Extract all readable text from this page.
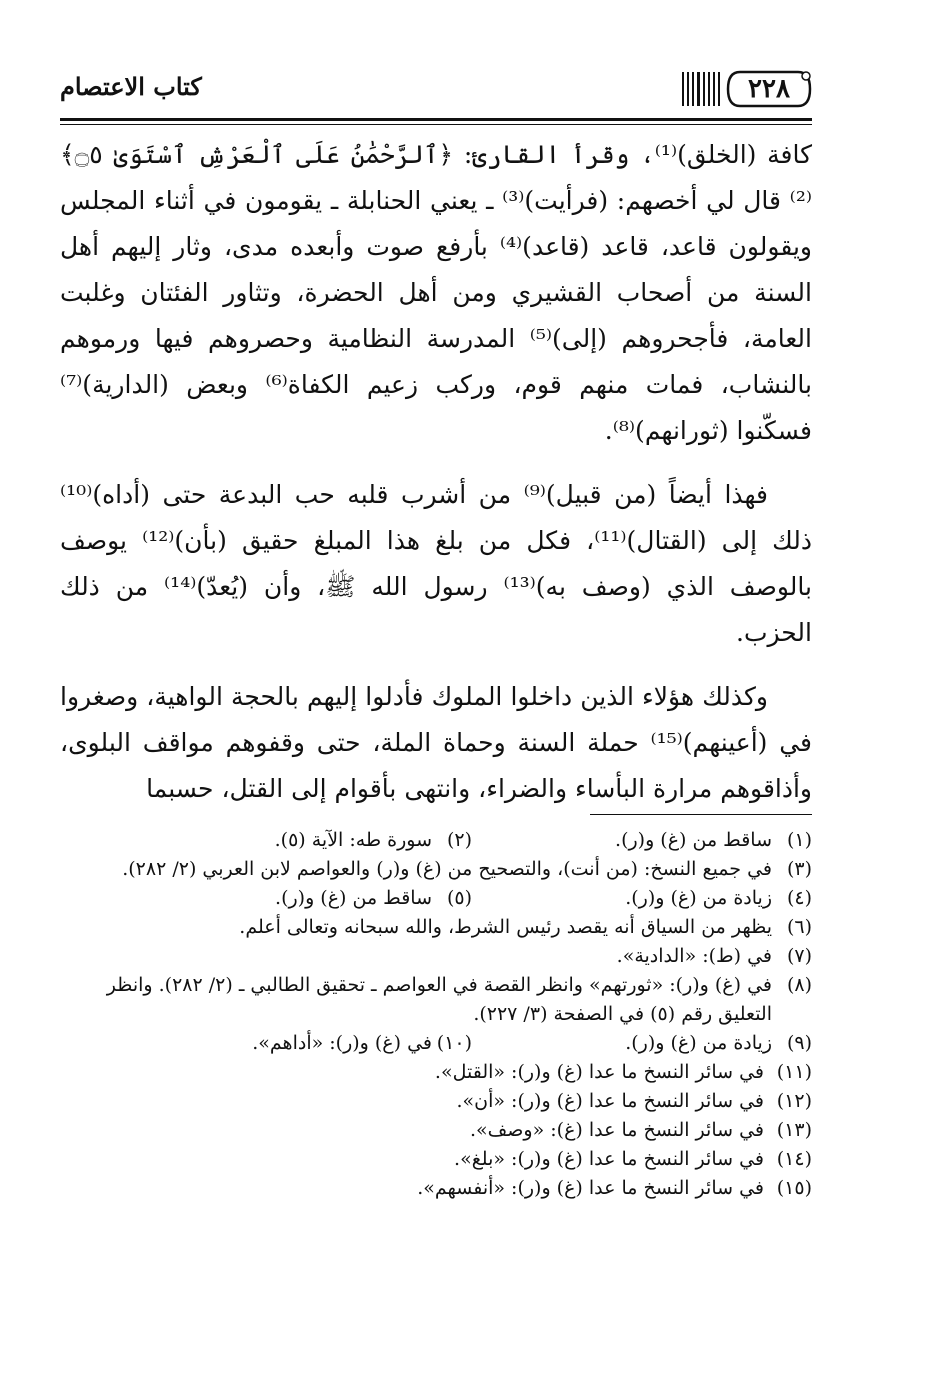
٢٢٨
كتاب الاعتصام

كافة (الخلق)⁽¹⁾، وقرأ القارئ: ﴿ٱلرَّحْمَٰنُ عَلَى ٱلْعَرْشِ ٱسْتَوَىٰ ۝٥﴾⁽²⁾ قال لي أخصهم: (فرأيت)⁽³⁾ ـ يعني الحنابلة ـ يقومون في أثناء المجلس ويقولون قاعد، قاعد (قاعد)⁽⁴⁾ بأرفع صوت وأبعده مدى، وثار إليهم أهل السنة من أصحاب القشيري ومن أهل الحضرة، وتثاور الفئتان وغلبت العامة، فأجحروهم (إلى)⁽⁵⁾ المدرسة النظامية وحصروهم فيها ورموهم بالنشاب، فمات منهم قوم، وركب زعيم الكفاة⁽⁶⁾ وبعض (الدارية)⁽⁷⁾ فسكّنوا (ثورانهم)⁽⁸⁾.

فهذا أيضاً (من قبيل)⁽⁹⁾ من أشرب قلبه حب البدعة حتى (أداه)⁽¹⁰⁾ ذلك إلى (القتال)⁽¹¹⁾، فكل من بلغ هذا المبلغ حقيق (بأن)⁽¹²⁾ يوصف بالوصف الذي (وصف به)⁽¹³⁾ رسول الله ﷺ، وأن (يُعدّ)⁽¹⁴⁾ من ذلك الحزب.

وكذلك هؤلاء الذين داخلوا الملوك فأدلوا إليهم بالحجة الواهية، وصغروا في (أعينهم)⁽¹⁵⁾ حملة السنة وحماة الملة، حتى وقفوهم مواقف البلوى، وأذاقوهم مرارة البأساء والضراء، وانتهى بأقوام إلى القتل، حسبما

(١)
ساقط من (غ) و(ر).
(٢)
سورة طه: الآية (٥).
(٣)
في جميع النسخ: (من أنت)، والتصحيح من (غ) و(ر) والعواصم لابن العربي (٢/ ٢٨٢).
(٤)
زيادة من (غ) و(ر).
(٥)
ساقط من (غ) و(ر).
(٦)
يظهر من السياق أنه يقصد رئيس الشرط، والله سبحانه وتعالى أعلم.
(٧)
في (ط): «الدادية».
(٨)
في (غ) و(ر): «ثورتهم» وانظر القصة في العواصم ـ تحقيق الطالبي ـ (٢/ ٢٨٢). وانظر التعليق رقم (٥) في الصفحة (٣/ ٢٢٧).
(٩)
زيادة من (غ) و(ر).
(١٠)
في (غ) و(ر): «أداهم».
(١١)
في سائر النسخ ما عدا (غ) و(ر): «القتل».
(١٢)
في سائر النسخ ما عدا (غ) و(ر): «أن».
(١٣)
في سائر النسخ ما عدا (غ): «وصف».
(١٤)
في سائر النسخ ما عدا (غ) و(ر): «بلغ».
(١٥)
في سائر النسخ ما عدا (غ) و(ر): «أنفسهم».
